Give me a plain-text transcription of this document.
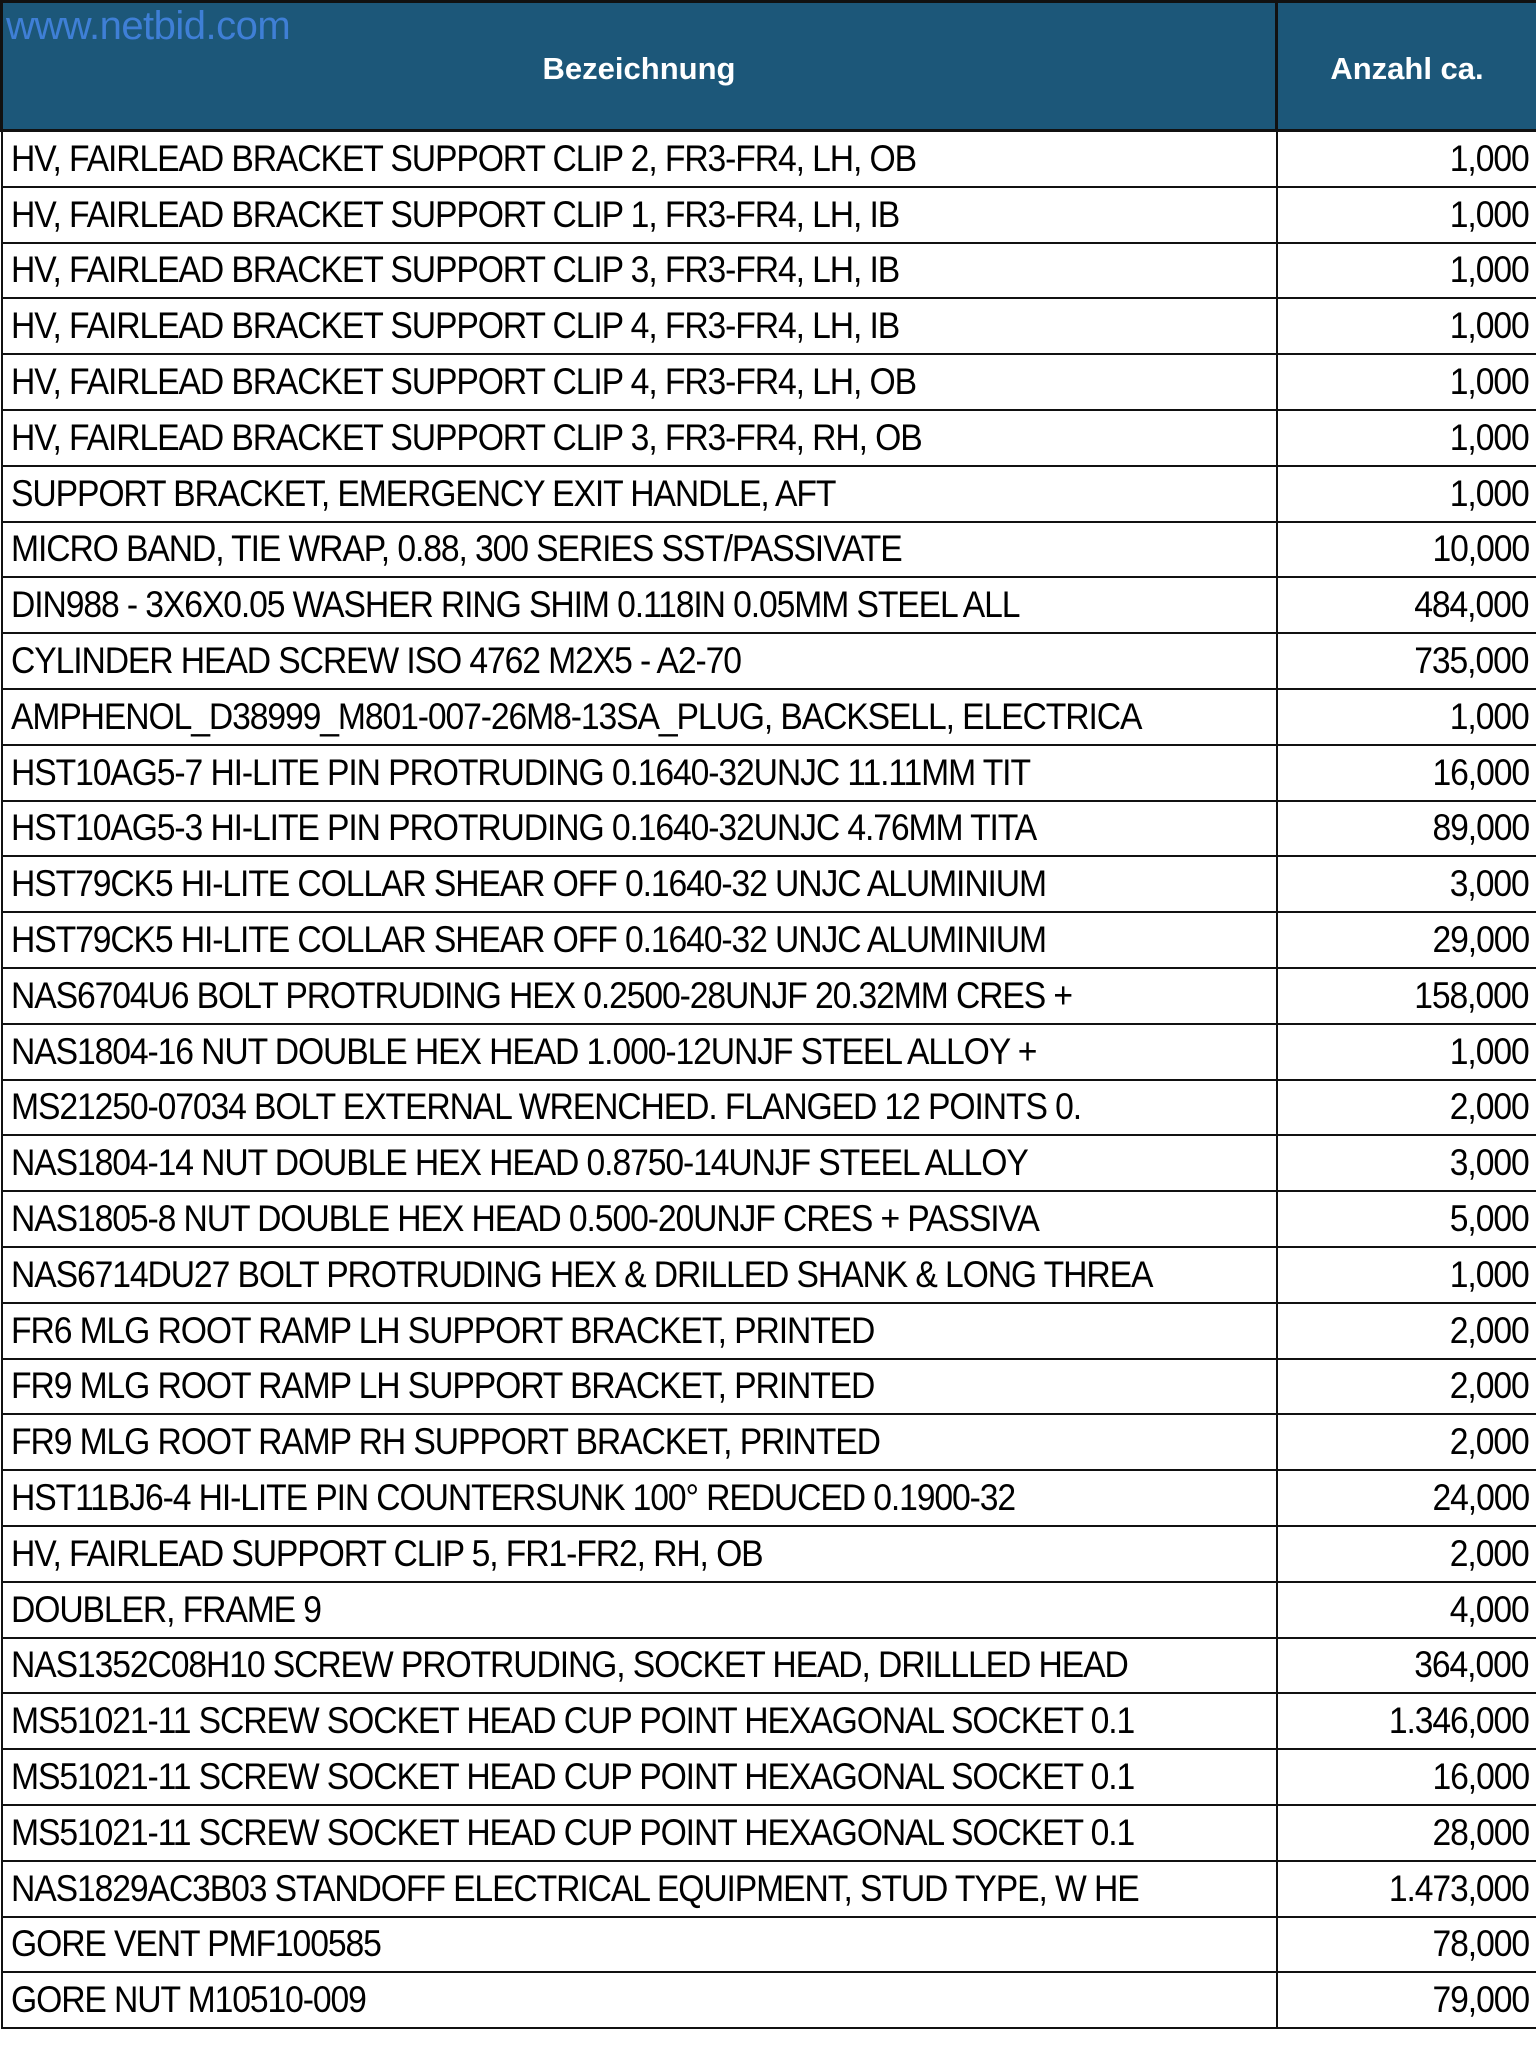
www.netbid.com
Bezeichnung	Anzahl ca.
HV, FAIRLEAD BRACKET SUPPORT CLIP 2, FR3-FR4, LH, OB	1,000
HV, FAIRLEAD BRACKET SUPPORT CLIP 1, FR3-FR4, LH, IB	1,000
HV, FAIRLEAD BRACKET SUPPORT CLIP 3, FR3-FR4, LH, IB	1,000
HV, FAIRLEAD BRACKET SUPPORT CLIP 4, FR3-FR4, LH, IB	1,000
HV, FAIRLEAD BRACKET SUPPORT CLIP 4, FR3-FR4, LH, OB	1,000
HV, FAIRLEAD BRACKET SUPPORT CLIP 3, FR3-FR4, RH, OB	1,000
SUPPORT BRACKET, EMERGENCY EXIT HANDLE, AFT	1,000
MICRO BAND, TIE WRAP, 0.88, 300 SERIES SST/PASSIVATE	10,000
DIN988 - 3X6X0.05 WASHER RING SHIM 0.118IN 0.05MM STEEL ALL	484,000
CYLINDER HEAD SCREW ISO 4762 M2X5 - A2-70	735,000
AMPHENOL_D38999_M801-007-26M8-13SA_PLUG, BACKSELL, ELECTRICA	1,000
HST10AG5-7 HI-LITE PIN PROTRUDING 0.1640-32UNJC 11.11MM TIT	16,000
HST10AG5-3 HI-LITE PIN PROTRUDING 0.1640-32UNJC 4.76MM TITA	89,000
HST79CK5 HI-LITE COLLAR SHEAR OFF 0.1640-32 UNJC ALUMINIUM	3,000
HST79CK5 HI-LITE COLLAR SHEAR OFF 0.1640-32 UNJC ALUMINIUM	29,000
NAS6704U6 BOLT PROTRUDING HEX 0.2500-28UNJF 20.32MM CRES +	158,000
NAS1804-16 NUT DOUBLE HEX HEAD 1.000-12UNJF STEEL ALLOY +	1,000
MS21250-07034 BOLT EXTERNAL WRENCHED. FLANGED 12 POINTS 0.	2,000
NAS1804-14 NUT DOUBLE HEX HEAD 0.8750-14UNJF STEEL ALLOY	3,000
NAS1805-8 NUT DOUBLE HEX HEAD 0.500-20UNJF CRES + PASSIVA	5,000
NAS6714DU27 BOLT PROTRUDING HEX & DRILLED SHANK & LONG THREA	1,000
FR6 MLG ROOT RAMP LH SUPPORT BRACKET, PRINTED	2,000
FR9 MLG ROOT RAMP LH SUPPORT BRACKET, PRINTED	2,000
FR9 MLG ROOT RAMP RH SUPPORT BRACKET, PRINTED	2,000
HST11BJ6-4 HI-LITE PIN COUNTERSUNK 100° REDUCED 0.1900-32	24,000
HV, FAIRLEAD SUPPORT CLIP 5, FR1-FR2, RH, OB	2,000
DOUBLER, FRAME 9	4,000
NAS1352C08H10 SCREW PROTRUDING, SOCKET HEAD, DRILLLED HEAD	364,000
MS51021-11 SCREW SOCKET HEAD CUP POINT HEXAGONAL SOCKET 0.1	1.346,000
MS51021-11 SCREW SOCKET HEAD CUP POINT HEXAGONAL SOCKET 0.1	16,000
MS51021-11 SCREW SOCKET HEAD CUP POINT HEXAGONAL SOCKET 0.1	28,000
NAS1829AC3B03 STANDOFF ELECTRICAL EQUIPMENT, STUD TYPE, W HE	1.473,000
GORE VENT PMF100585	78,000
GORE NUT M10510-009	79,000
